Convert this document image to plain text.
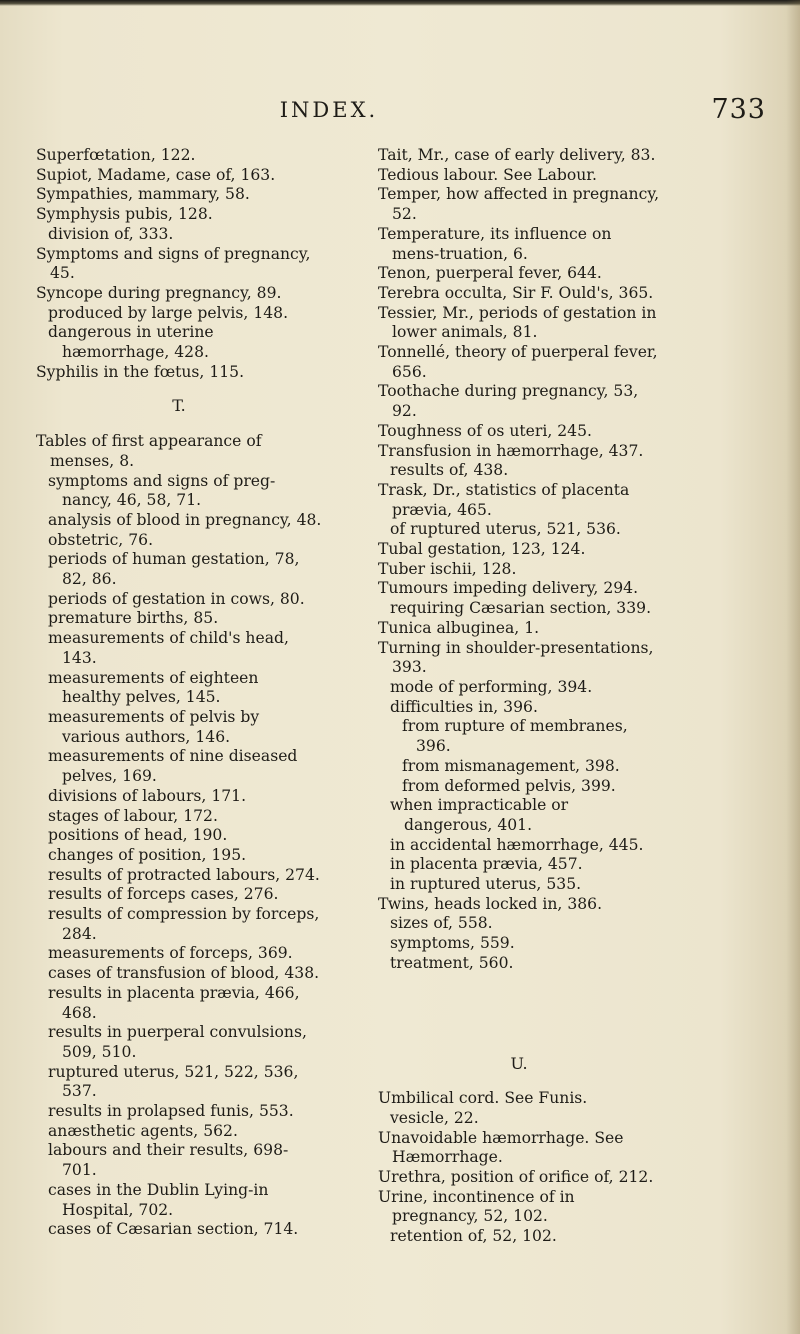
INDEX.	733

Superfœtation, 122.

Supiot, Madame, case of, 163.

Sympathies, mammary, 58.

Symphysis pubis, 128.

division of, 333.

Symptoms and signs of pregnancy, 45.

Syncope during pregnancy, 89.

produced by large pelvis, 148.

dangerous in uterine hæmorrhage, 428.

Syphilis in the fœtus, 115.

T.

Tables of first appearance of menses, 8.

symptoms and signs of preg-nancy, 46, 58, 71.

analysis of blood in pregnancy, 48.

obstetric, 76.

periods of human gestation, 78, 82, 86.

periods of gestation in cows, 80.

premature births, 85.

measurements of child's head, 143.

measurements of eighteen healthy pelves, 145.

measurements of pelvis by various authors, 146.

measurements of nine diseased pelves, 169.

divisions of labours, 171.

stages of labour, 172.

positions of head, 190.

changes of position, 195.

results of protracted labours, 274.

results of forceps cases, 276.

results of compression by forceps, 284.

measurements of forceps, 369.

cases of transfusion of blood, 438.

results in placenta prævia, 466, 468.

results in puerperal convulsions, 509, 510.

ruptured uterus, 521, 522, 536, 537.

results in prolapsed funis, 553.

anæsthetic agents, 562.

labours and their results, 698-701.

cases in the Dublin Lying-in Hospital, 702.

cases of Cæsarian section, 714.

Tait, Mr., case of early delivery, 83.

Tedious labour. See Labour.

Temper, how affected in pregnancy, 52.

Temperature, its influence on mens-truation, 6.

Tenon, puerperal fever, 644.

Terebra occulta, Sir F. Ould's, 365.

Tessier, Mr., periods of gestation in lower animals, 81.

Tonnellé, theory of puerperal fever, 656.

Toothache during pregnancy, 53, 92.

Toughness of os uteri, 245.

Transfusion in hæmorrhage, 437.

results of, 438.

Trask, Dr., statistics of placenta prævia, 465.

of ruptured uterus, 521, 536.

Tubal gestation, 123, 124.

Tuber ischii, 128.

Tumours impeding delivery, 294.

requiring Cæsarian section, 339.

Tunica albuginea, 1.

Turning in shoulder-presentations, 393.

mode of performing, 394.

difficulties in, 396.

from rupture of membranes, 396.

from mismanagement, 398.

from deformed pelvis, 399.

when impracticable or dangerous, 401.

in accidental hæmorrhage, 445.

in placenta prævia, 457.

in ruptured uterus, 535.

Twins, heads locked in, 386.

sizes of, 558.

symptoms, 559.

treatment, 560.

U.

Umbilical cord. See Funis.

vesicle, 22.

Unavoidable hæmorrhage. See Hæmorrhage.

Urethra, position of orifice of, 212.

Urine, incontinence of in pregnancy, 52, 102.

retention of, 52, 102.
